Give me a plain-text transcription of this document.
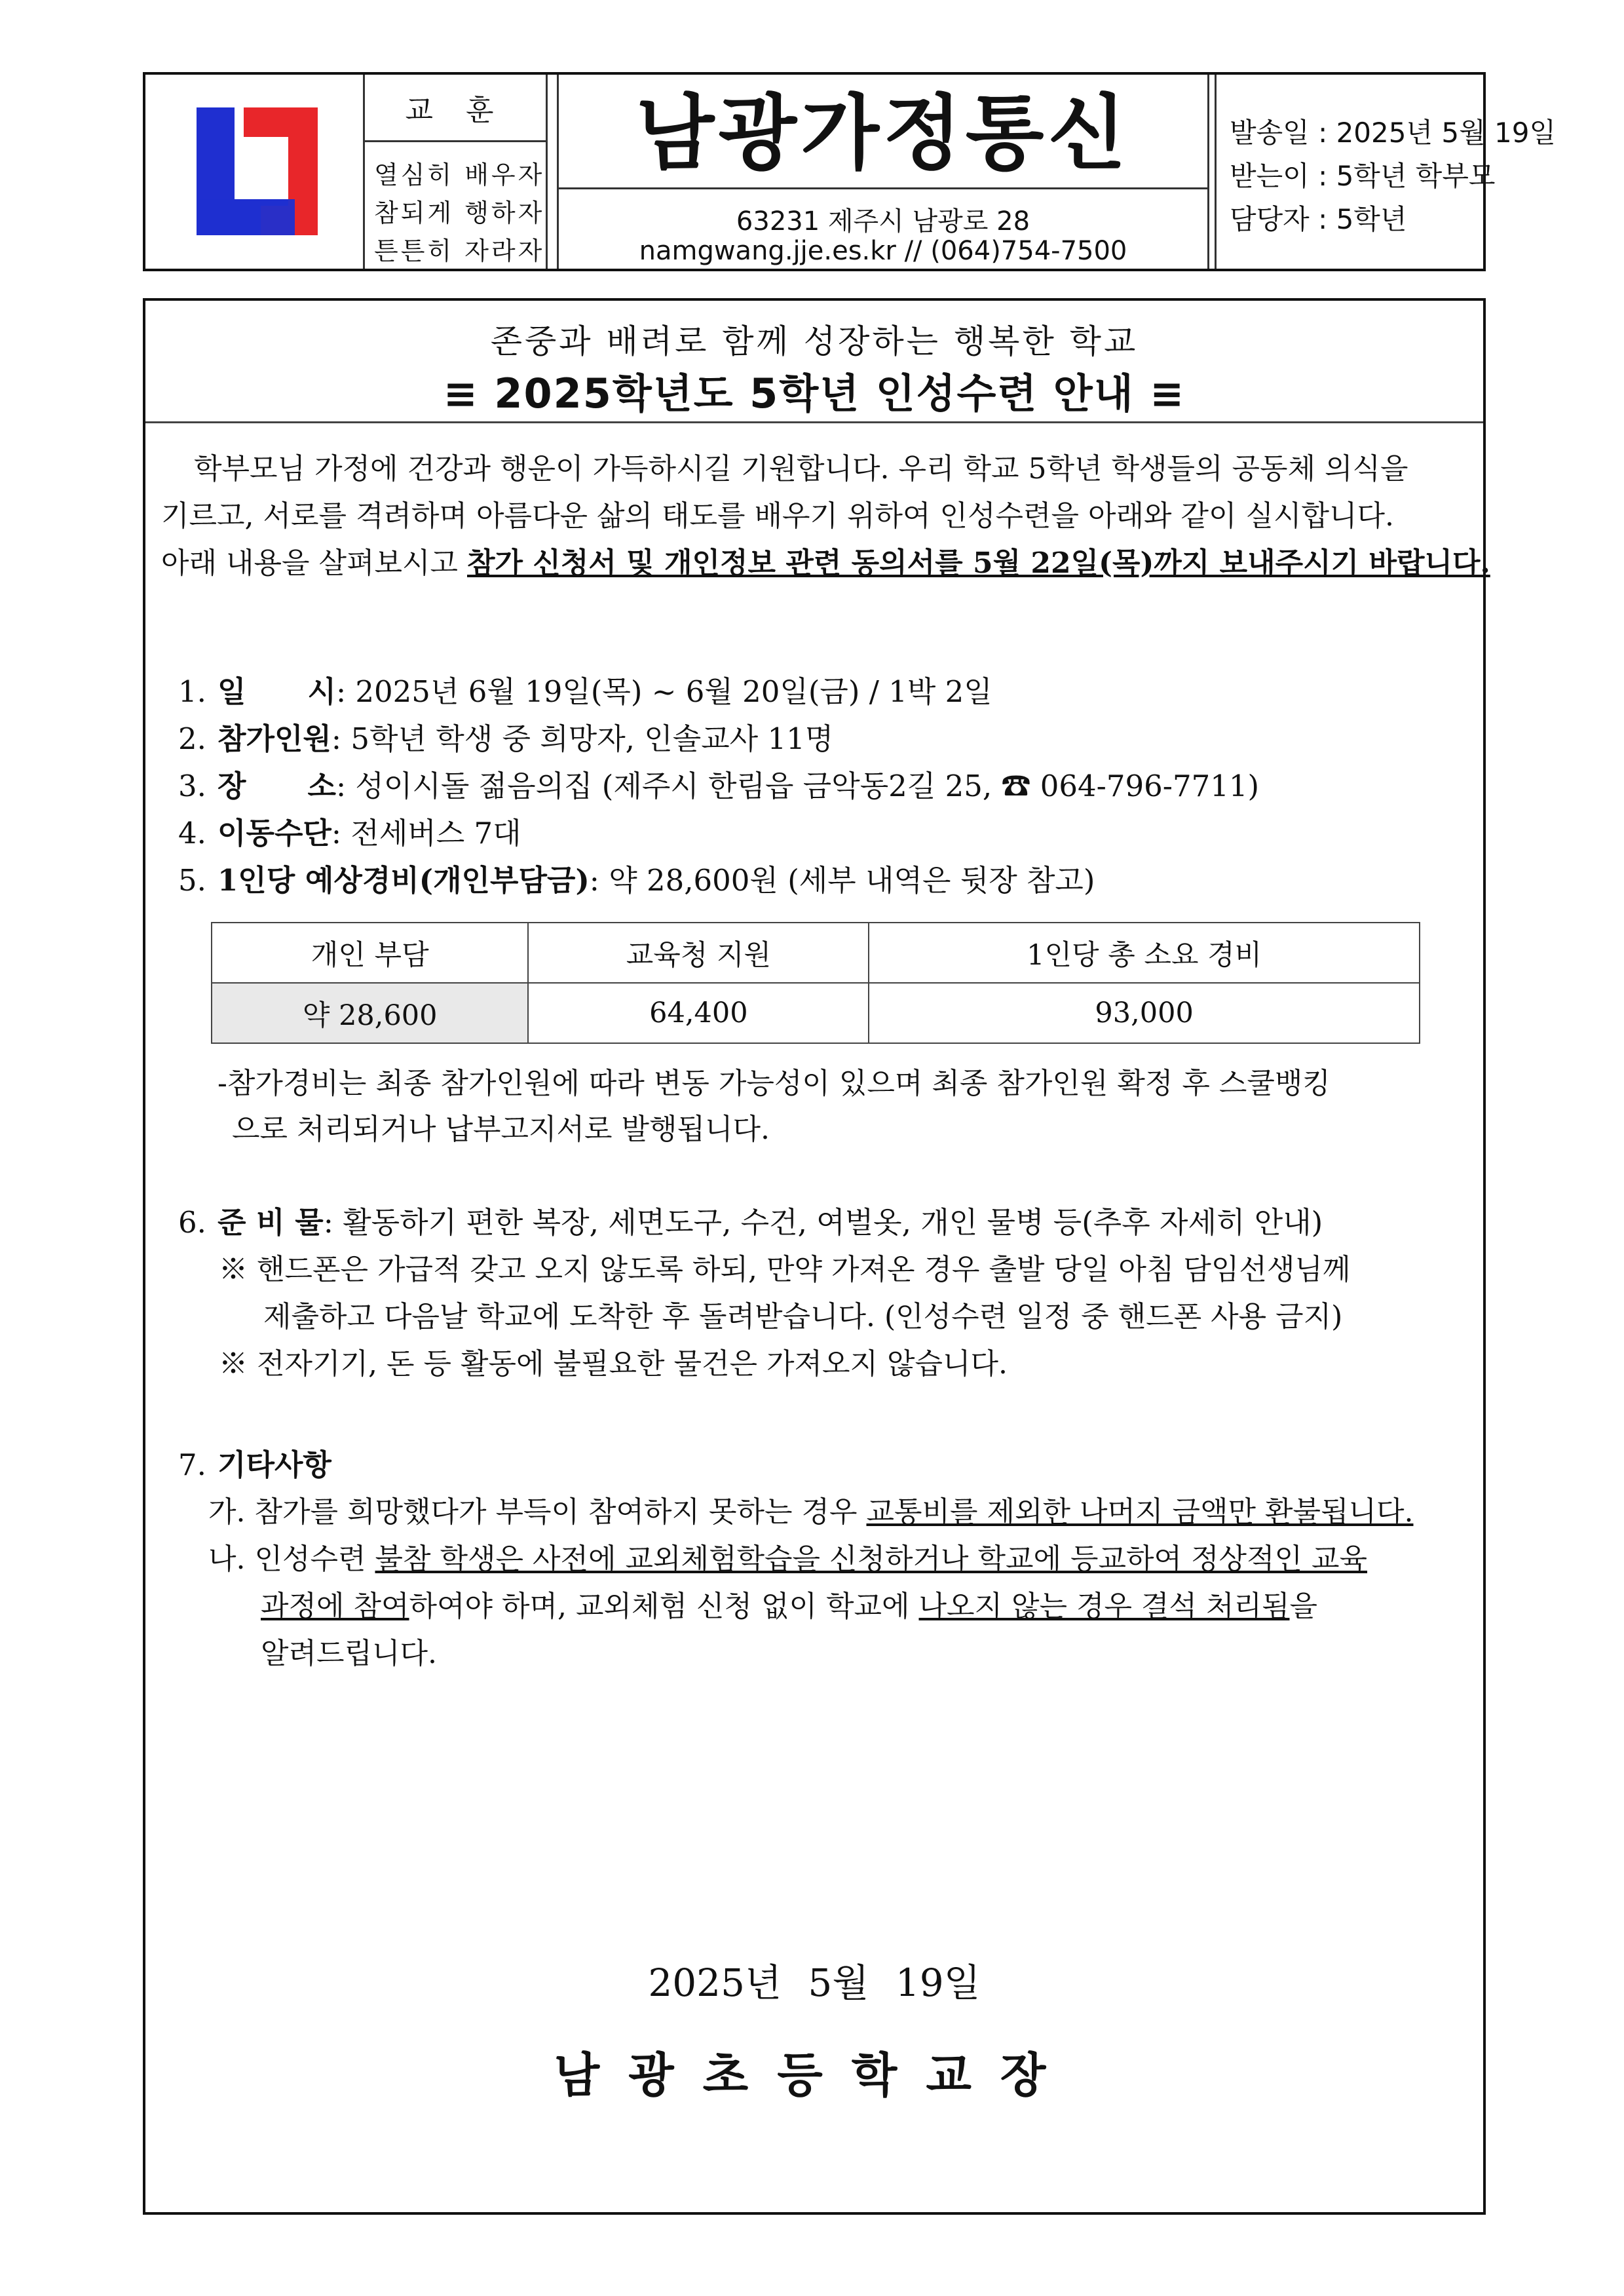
교 훈
열심히 배우자
참되게 행하자
튼튼히 자라자
남광가정통신
63231 제주시 남광로 28
namgwang.jje.es.kr // (064)754-7500
발송일 : 2025년 5월 19일
받는이 : 5학년 학부모
담당자 : 5학년
존중과 배려로 함께 성장하는 행복한 학교
≡ 2025학년도 5학년 인성수련 안내 ≡
학부모님 가정에 건강과 행운이 가득하시길 기원합니다. 우리 학교 5학년 학생들의 공동체 의식을
기르고, 서로를 격려하며 아름다운 삶의 태도를 배우기 위하여 인성수련을 아래와 같이 실시합니다.
아래 내용을 살펴보시고 참가 신청서 및 개인정보 관련 동의서를 5월 22일(목)까지 보내주시기 바랍니다.
1. 일      시: 2025년 6월 19일(목) ~ 6월 20일(금) / 1박 2일
2. 참가인원: 5학년 학생 중 희망자, 인솔교사 11명
3. 장      소: 성이시돌 젊음의집 (제주시 한림읍 금악동2길 25, ☎ 064-796-7711)
4. 이동수단: 전세버스 7대
5. 1인당 예상경비(개인부담금): 약 28,600원 (세부 내역은 뒷장 참고)
개인 부담	교육청 지원	1인당 총 소요 경비
약 28,600	64,400	93,000
-참가경비는 최종 참가인원에 따라 변동 가능성이 있으며 최종 참가인원 확정 후 스쿨뱅킹
으로 처리되거나 납부고지서로 발행됩니다.
6. 준 비 물: 활동하기 편한 복장, 세면도구, 수건, 여벌옷, 개인 물병 등(추후 자세히 안내)
※ 핸드폰은 가급적 갖고 오지 않도록 하되, 만약 가져온 경우 출발 당일 아침 담임선생님께
제출하고 다음날 학교에 도착한 후 돌려받습니다. (인성수련 일정 중 핸드폰 사용 금지)
※ 전자기기, 돈 등 활동에 불필요한 물건은 가져오지 않습니다.
7. 기타사항
가. 참가를 희망했다가 부득이 참여하지 못하는 경우 교통비를 제외한 나머지 금액만 환불됩니다.
나. 인성수련 불참 학생은 사전에 교외체험학습을 신청하거나 학교에 등교하여 정상적인 교육
과정에 참여하여야 하며, 교외체험 신청 없이 학교에 나오지 않는 경우 결석 처리됨을
알려드립니다.
2025년 5월 19일
남광초등학교장
